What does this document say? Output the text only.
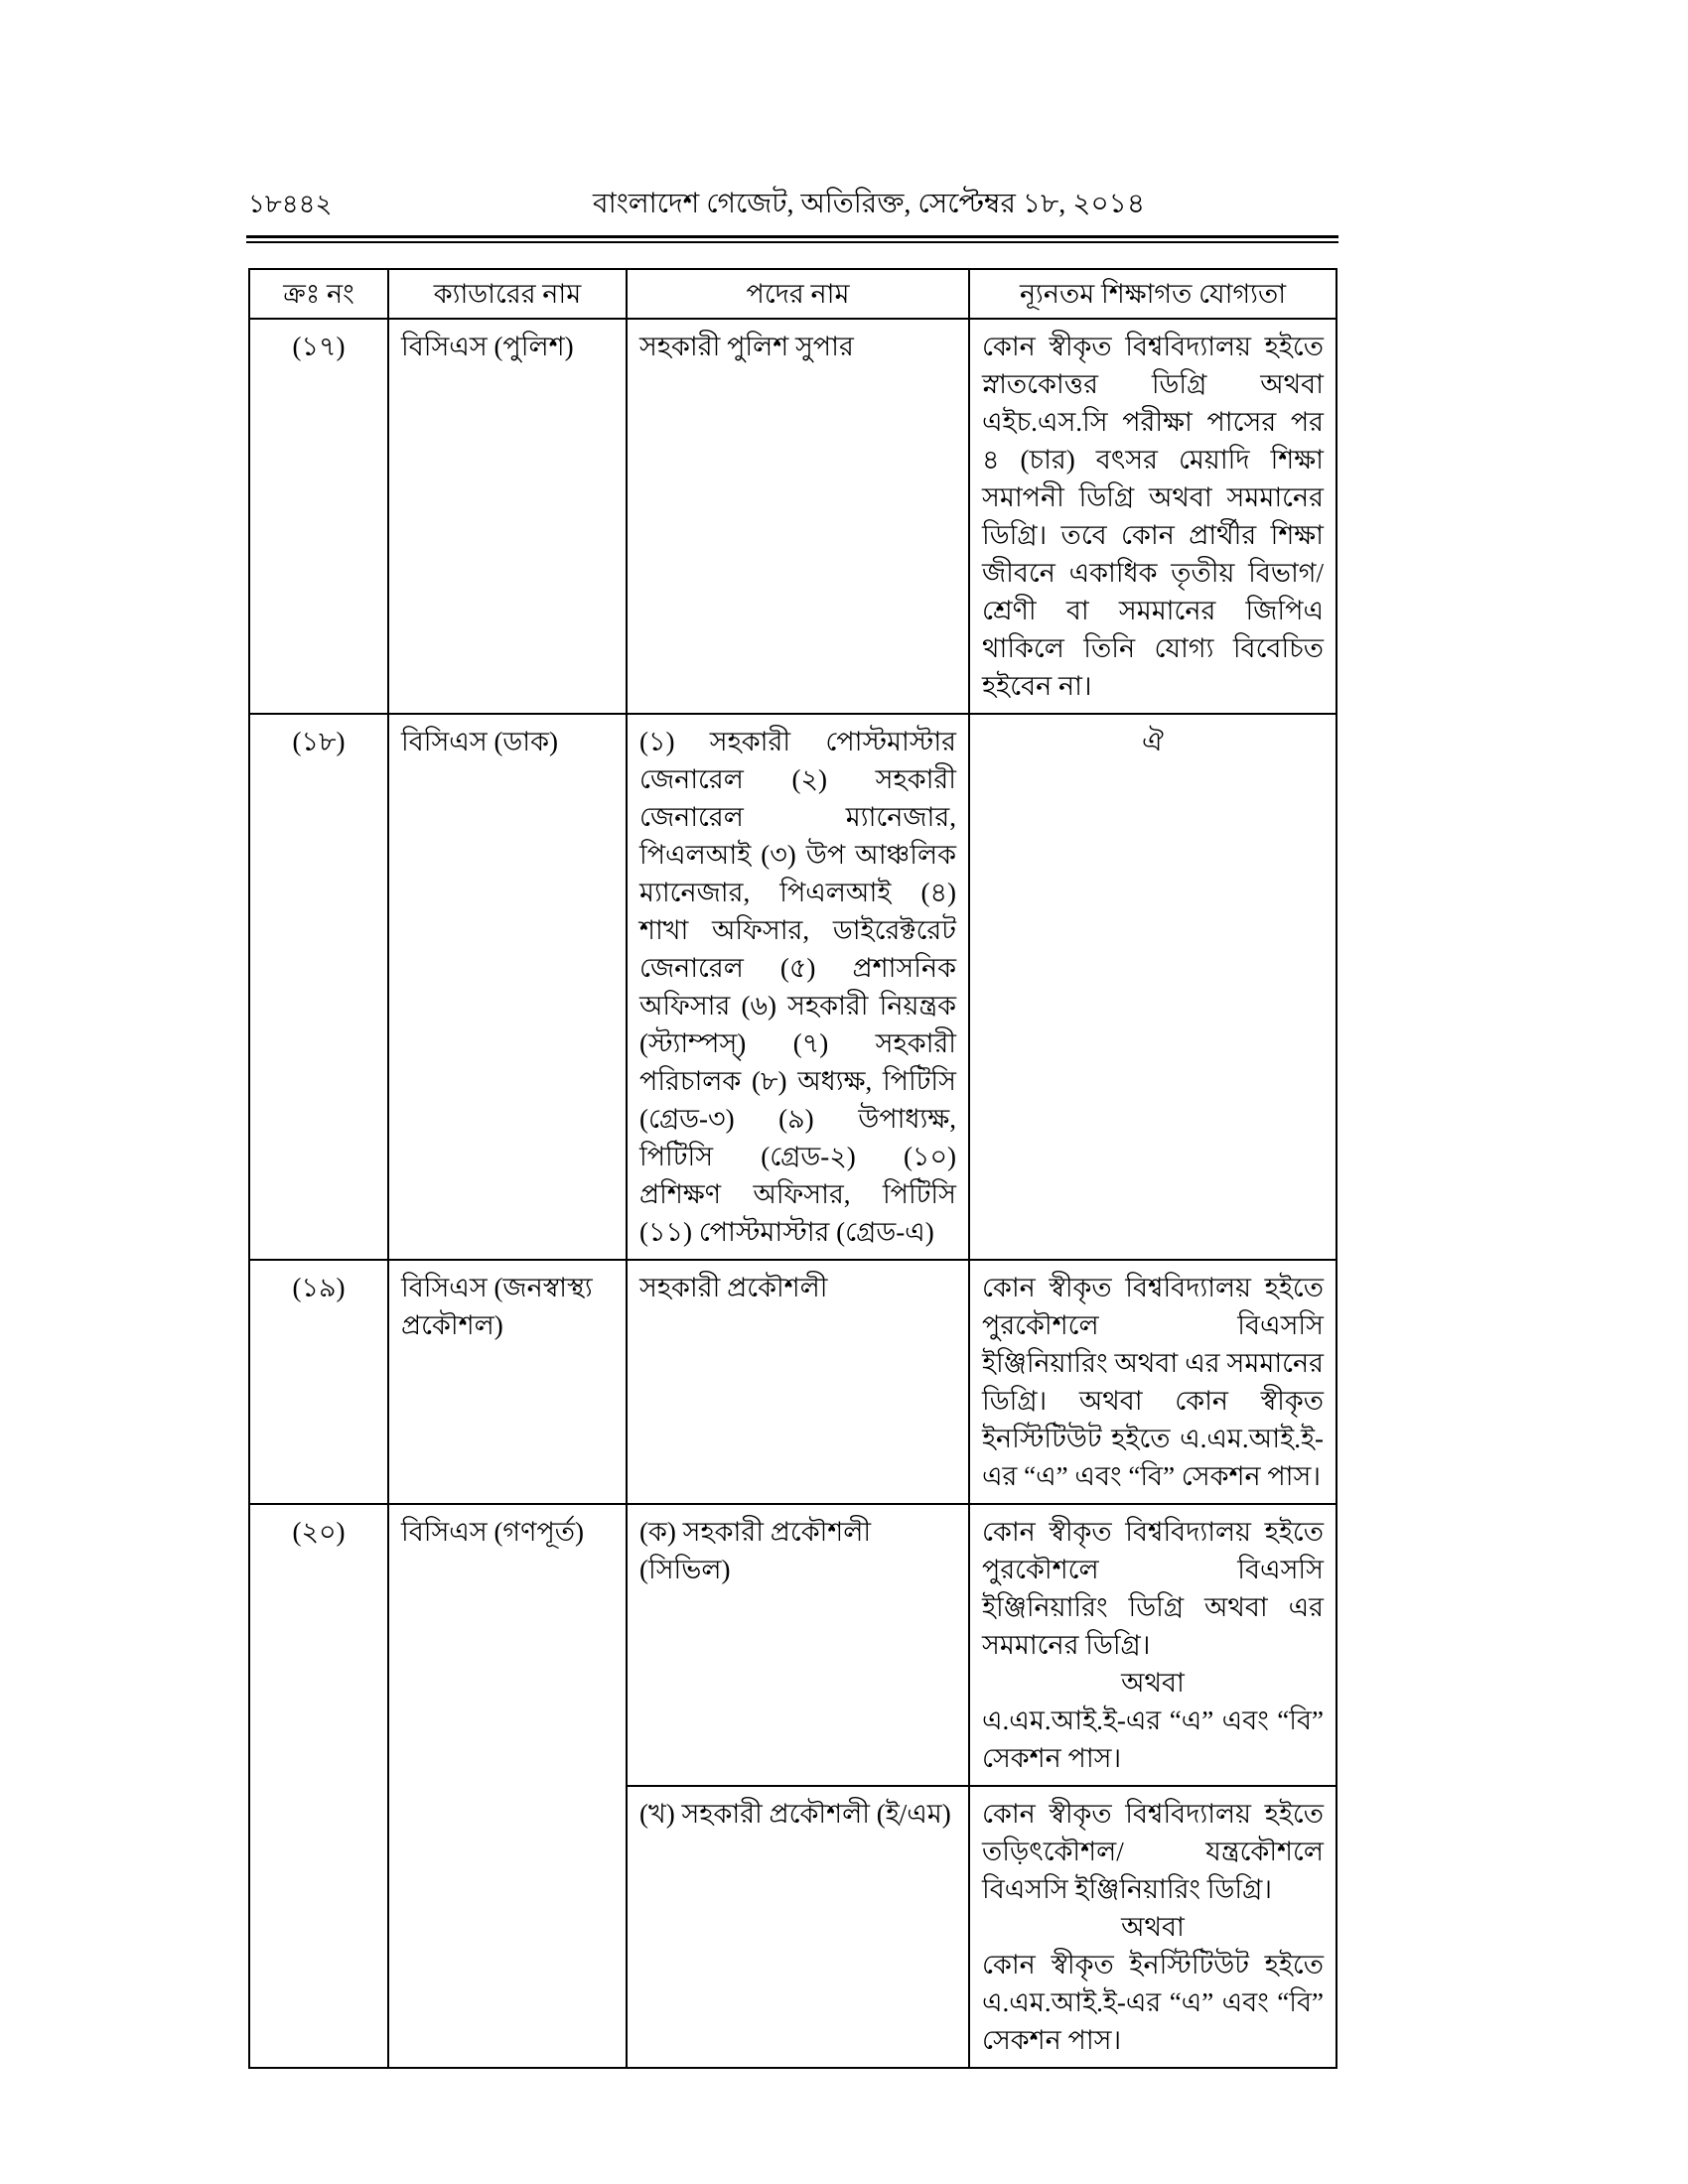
১৮৪৪২	বাংলাদেশ গেজেট, অতিরিক্ত, সেপ্টেম্বর ১৮, ২০১৪
ক্রঃ নং	ক্যাডারের নাম	পদের নাম	ন্যূনতম শিক্ষাগত যোগ্যতা
(১৭)	বিসিএস (পুলিশ)	সহকারী পুলিশ সুপার	কোন স্বীকৃত বিশ্ববিদ্যালয় হইতে স্নাতকোত্তর ডিগ্রি অথবা এইচ.এস.সি পরীক্ষা পাসের পর ৪ (চার) বৎসর মেয়াদি শিক্ষা সমাপনী ডিগ্রি অথবা সমমানের ডিগ্রি। তবে কোন প্রার্থীর শিক্ষা জীবনে একাধিক তৃতীয় বিভাগ/শ্রেণী বা সমমানের জিপিএ থাকিলে তিনি যোগ্য বিবেচিত হইবেন না।
(১৮)	বিসিএস (ডাক)	(১) সহকারী পোস্টমাস্টার জেনারেল (২) সহকারী জেনারেল ম্যানেজার, পিএলআই (৩) উপ আঞ্চলিক ম্যানেজার, পিএলআই (৪) শাখা অফিসার, ডাইরেক্টরেট জেনারেল (৫) প্রশাসনিক অফিসার (৬) সহকারী নিয়ন্ত্রক (স্ট্যাম্পস্) (৭) সহকারী পরিচালক (৮) অধ্যক্ষ, পিটিসি (গ্রেড-৩) (৯) উপাধ্যক্ষ, পিটিসি (গ্রেড-২) (১০) প্রশিক্ষণ অফিসার, পিটিসি (১১) পোস্টমাস্টার (গ্রেড-এ)	ঐ
(১৯)	বিসিএস (জনস্বাস্থ্য প্রকৌশল)	সহকারী প্রকৌশলী	কোন স্বীকৃত বিশ্ববিদ্যালয় হইতে পুরকৌশলে বিএসসি ইঞ্জিনিয়ারিং অথবা এর সমমানের ডিগ্রি। অথবা কোন স্বীকৃত ইনস্টিটিউট হইতে এ.এম.আই.ই-এর “এ” এবং “বি” সেকশন পাস।
(২০)	বিসিএস (গণপূর্ত)	(ক) সহকারী প্রকৌশলী (সিভিল)	কোন স্বীকৃত বিশ্ববিদ্যালয় হইতে পুরকৌশলে বিএসসি ইঞ্জিনিয়ারিং ডিগ্রি অথবা এর সমমানের ডিগ্রি।
অথবা
এ.এম.আই.ই-এর “এ” এবং “বি” সেকশন পাস।

		(খ) সহকারী প্রকৌশলী (ই/এম)	কোন স্বীকৃত বিশ্ববিদ্যালয় হইতে তড়িৎকৌশল/ যন্ত্রকৌশলে বিএসসি ইঞ্জিনিয়ারিং ডিগ্রি।
অথবা
কোন স্বীকৃত ইনস্টিটিউট হইতে এ.এম.আই.ই-এর “এ” এবং “বি” সেকশন পাস।
